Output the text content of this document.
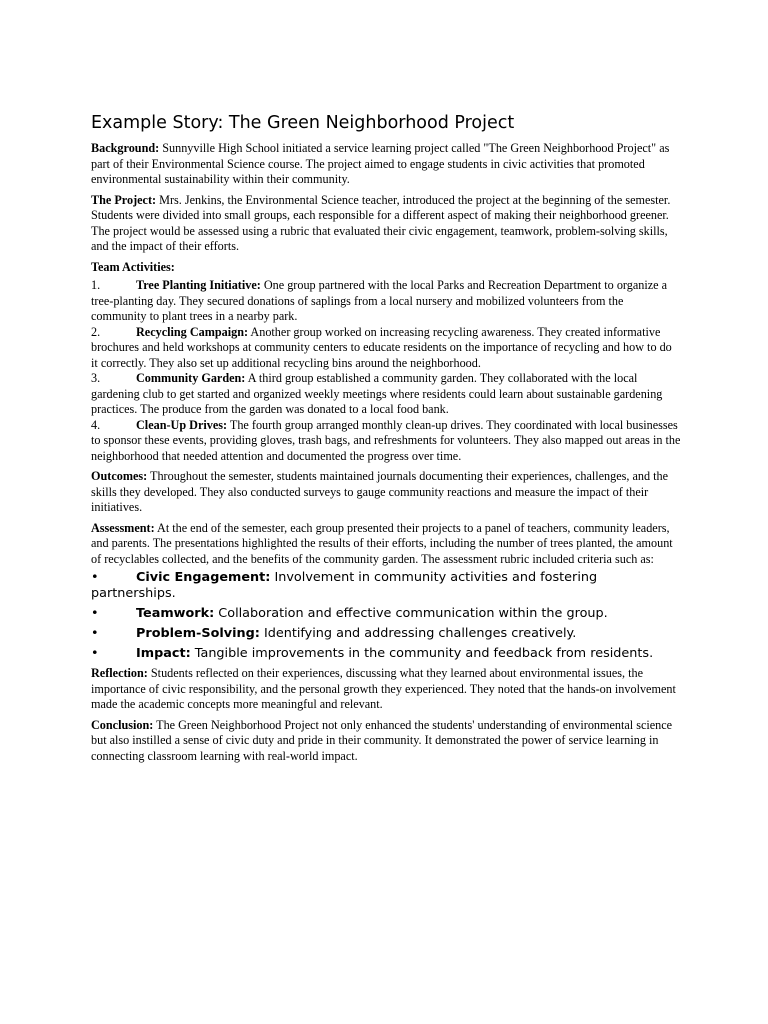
Example Story: The Green Neighborhood Project

Background: Sunnyville High School initiated a service learning project called "The Green Neighborhood Project" as part of their Environmental Science course. The project aimed to engage students in civic activities that promoted environmental sustainability within their community.

The Project: Mrs. Jenkins, the Environmental Science teacher, introduced the project at the beginning of the semester. Students were divided into small groups, each responsible for a different aspect of making their neighborhood greener. The project would be assessed using a rubric that evaluated their civic engagement, teamwork, problem-solving skills, and the impact of their efforts.

Team Activities:

1.	Tree Planting Initiative: One group partnered with the local Parks and Recreation Department to organize a tree-planting day. They secured donations of saplings from a local nursery and mobilized volunteers from the community to plant trees in a nearby park.
2.	Recycling Campaign: Another group worked on increasing recycling awareness. They created informative brochures and held workshops at community centers to educate residents on the importance of recycling and how to do it correctly. They also set up additional recycling bins around the neighborhood.
3.	Community Garden: A third group established a community garden. They collaborated with the local gardening club to get started and organized weekly meetings where residents could learn about sustainable gardening practices. The produce from the garden was donated to a local food bank.
4.	Clean-Up Drives: The fourth group arranged monthly clean-up drives. They coordinated with local businesses to sponsor these events, providing gloves, trash bags, and refreshments for volunteers. They also mapped out areas in the neighborhood that needed attention and documented the progress over time.

Outcomes: Throughout the semester, students maintained journals documenting their experiences, challenges, and the skills they developed. They also conducted surveys to gauge community reactions and measure the impact of their initiatives.

Assessment: At the end of the semester, each group presented their projects to a panel of teachers, community leaders, and parents. The presentations highlighted the results of their efforts, including the number of trees planted, the amount of recyclables collected, and the benefits of the community garden. The assessment rubric included criteria such as:

•	Civic Engagement: Involvement in community activities and fostering partnerships.
•	Teamwork: Collaboration and effective communication within the group.
•	Problem-Solving: Identifying and addressing challenges creatively.
•	Impact: Tangible improvements in the community and feedback from residents.

Reflection: Students reflected on their experiences, discussing what they learned about environmental issues, the importance of civic responsibility, and the personal growth they experienced. They noted that the hands-on involvement made the academic concepts more meaningful and relevant.

Conclusion: The Green Neighborhood Project not only enhanced the students' understanding of environmental science but also instilled a sense of civic duty and pride in their community. It demonstrated the power of service learning in connecting classroom learning with real-world impact.
